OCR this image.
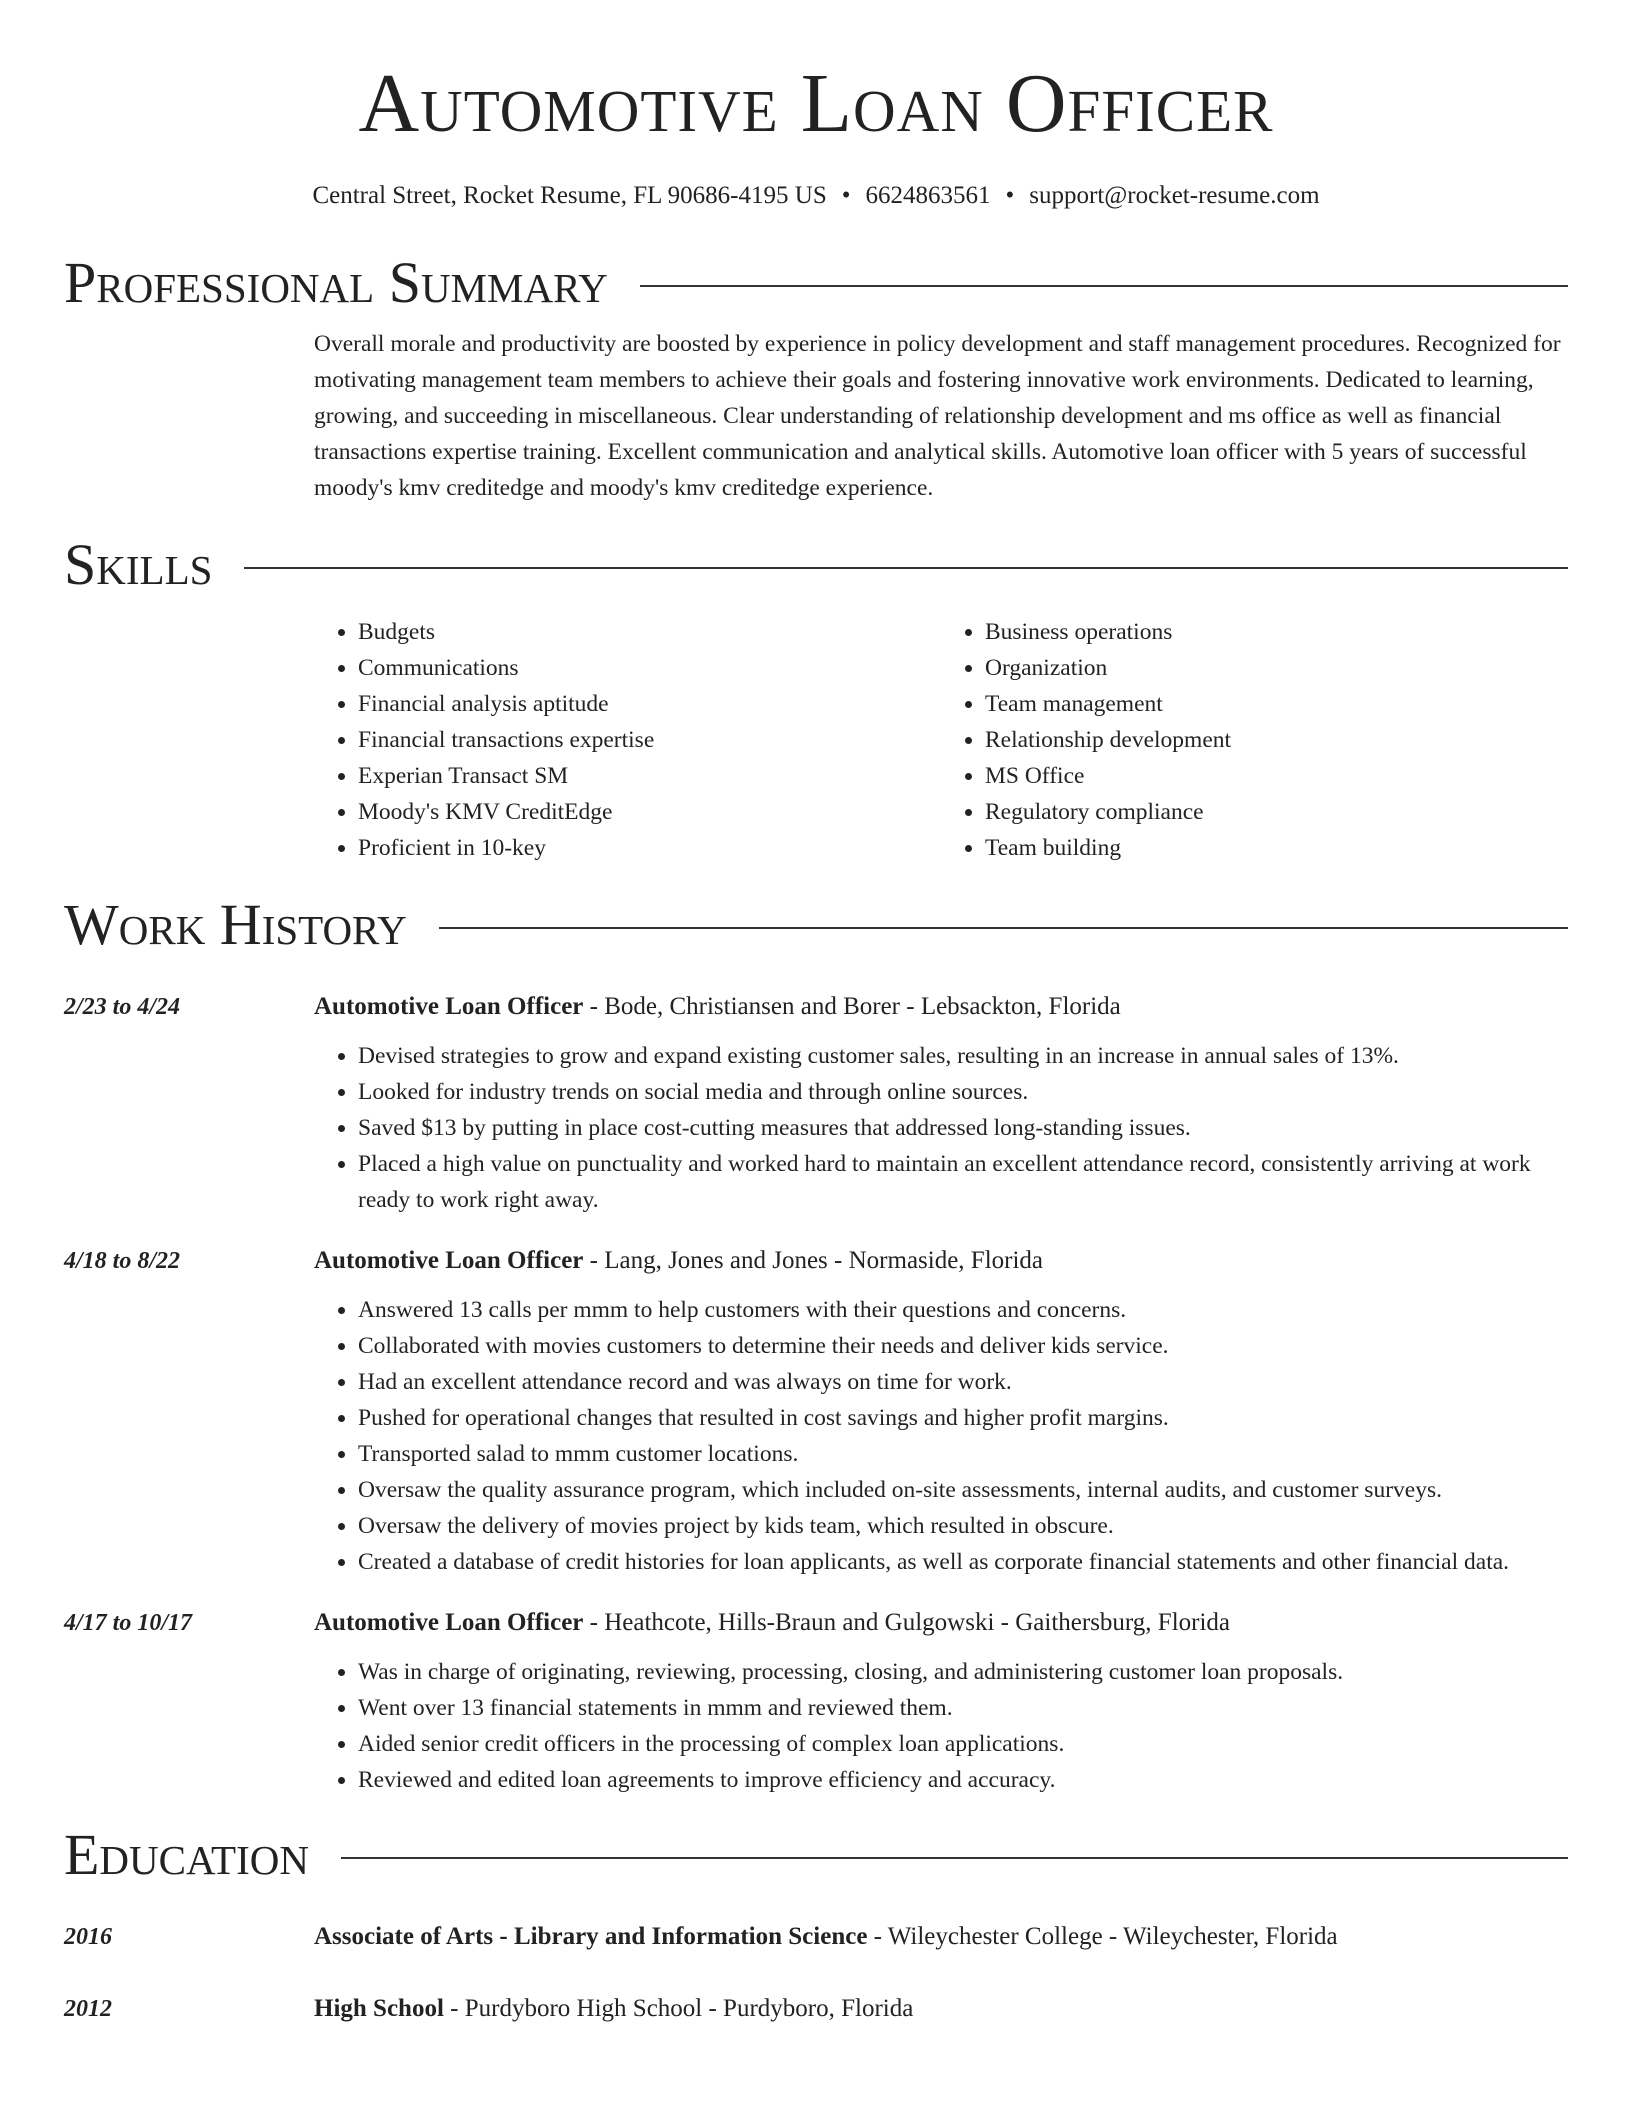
Automotive Loan Officer
Central Street, Rocket Resume, FL 90686-4195 US • 6624863561 • support@rocket-resume.com
Professional Summary

Overall morale and productivity are boosted by experience in policy development and staff management procedures. Recognized for motivating management team members to achieve their goals and fostering innovative work environments. Dedicated to learning, growing, and succeeding in miscellaneous. Clear understanding of relationship development and ms office as well as financial transactions expertise training. Excellent communication and analytical skills. Automotive loan officer with 5 years of successful moody's kmv creditedge and moody's kmv creditedge experience.

Skills
• Budgets
• Communications
• Financial analysis aptitude
• Financial transactions expertise
• Experian Transact SM
• Moody's KMV CreditEdge
• Proficient in 10-key
• Business operations
• Organization
• Team management
• Relationship development
• MS Office
• Regulatory compliance
• Team building
Work History
2/23 to 4/24	Automotive Loan Officer - Bode, Christiansen and Borer - Lebsackton, Florida
• Devised strategies to grow and expand existing customer sales, resulting in an increase in annual sales of 13%.
• Looked for industry trends on social media and through online sources.
• Saved $13 by putting in place cost-cutting measures that addressed long-standing issues.
• Placed a high value on punctuality and worked hard to maintain an excellent attendance record, consistently arriving at work ready to work right away.
4/18 to 8/22	Automotive Loan Officer - Lang, Jones and Jones - Normaside, Florida
• Answered 13 calls per mmm to help customers with their questions and concerns.
• Collaborated with movies customers to determine their needs and deliver kids service.
• Had an excellent attendance record and was always on time for work.
• Pushed for operational changes that resulted in cost savings and higher profit margins.
• Transported salad to mmm customer locations.
• Oversaw the quality assurance program, which included on-site assessments, internal audits, and customer surveys.
• Oversaw the delivery of movies project by kids team, which resulted in obscure.
• Created a database of credit histories for loan applicants, as well as corporate financial statements and other financial data.
4/17 to 10/17	Automotive Loan Officer - Heathcote, Hills-Braun and Gulgowski - Gaithersburg, Florida
• Was in charge of originating, reviewing, processing, closing, and administering customer loan proposals.
• Went over 13 financial statements in mmm and reviewed them.
• Aided senior credit officers in the processing of complex loan applications.
• Reviewed and edited loan agreements to improve efficiency and accuracy.
Education
2016	Associate of Arts - Library and Information Science - Wileychester College - Wileychester, Florida
2012	High School - Purdyboro High School - Purdyboro, Florida
